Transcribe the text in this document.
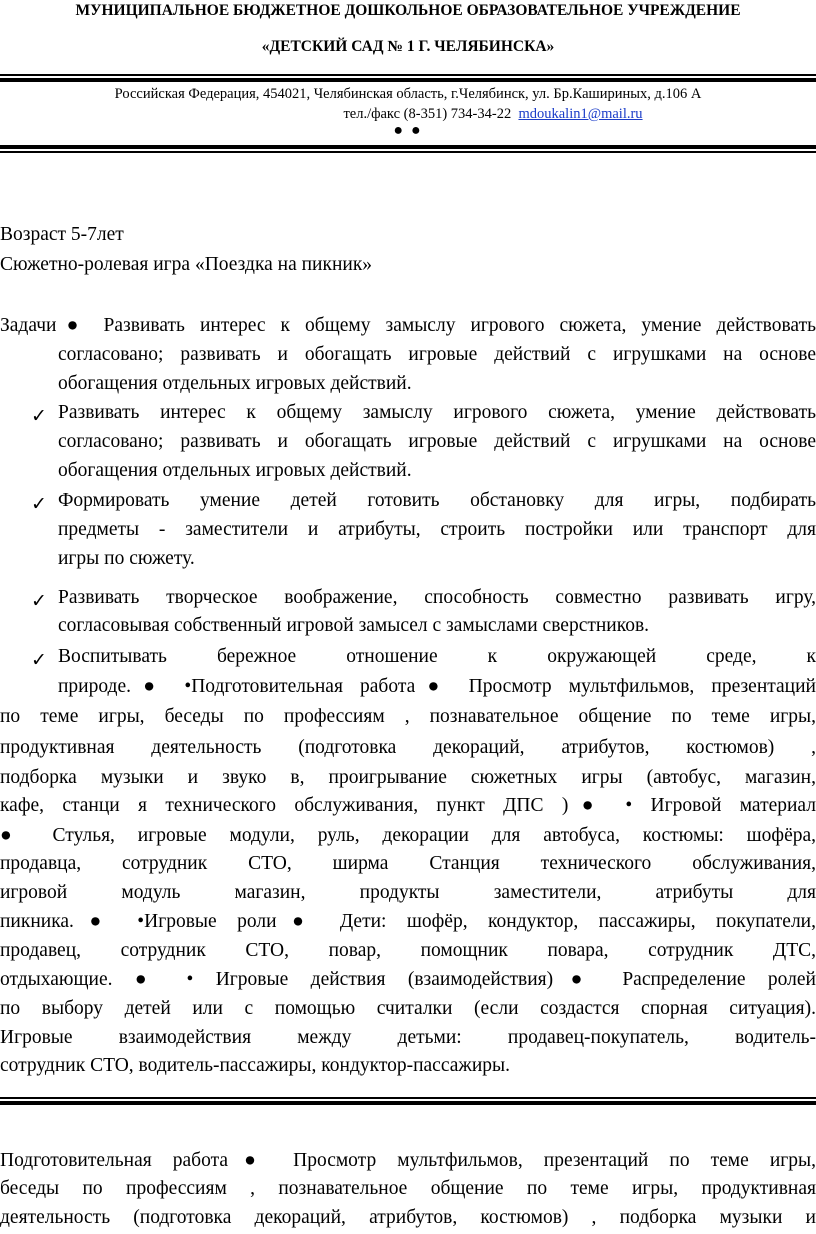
МУНИЦИПАЛЬНОЕ БЮДЖЕТНОЕ ДОШКОЛЬНОЕ ОБРАЗОВАТЕЛЬНОЕ УЧРЕЖДЕНИЕ
«ДЕТСКИЙ САД № 1 Г. ЧЕЛЯБИНСКА»
Российская Федерация, 454021, Челябинская область, г.Челябинск, ул. Бр.Кашириных, д.106 А
тел./факс (8-351) 734-34-22 mdoukalin1@mail.ru
● ●
Возраст 5-7лет
Сюжетно-ролевая игра «Поездка на пикник»
Задачи● Развивать интерес к общему замыслу игрового сюжета, умение действовать
согласовано; развивать и обогащать игровые действий с игрушками на основе
обогащения отдельных игровых действий.
✓ Развивать интерес к общему замыслу игрового сюжета, умение действовать
согласовано; развивать и обогащать игровые действий с игрушками на основе
обогащения отдельных игровых действий.
✓ Формировать умение детей готовить обстановку для игры, подбирать
предметы - заместители и атрибуты, строить постройки или транспорт для
игры по сюжету.
✓ Развивать творческое воображение, способность совместно развивать игру,
согласовывая собственный игровой замысел с замыслами сверстников.
✓ Воспитывать бережное отношение к окружающей среде, к
природе.● •Подготовительная работа● Просмотр мультфильмов, презентаций
по теме игры, беседы по профессиям , познавательное общение по теме игры,
продуктивная деятельность (подготовка декораций, атрибутов, костюмов) ,
подборка музыки и звуко в, проигрывание сюжетных игры (автобус, магазин,
кафе, станци я технического обслуживания, пункт ДПС )● • Игровой материал
● Стулья, игровые модули, руль, декорации для автобуса, костюмы: шофёра,
продавца, сотрудник СТО, ширма Станция технического обслуживания,
игровой модуль магазин, продукты заместители, атрибуты для
пикника.● •Игровые роли● Дети: шофёр, кондуктор, пассажиры, покупатели,
продавец, сотрудник СТО, повар, помощник повара, сотрудник ДТС,
отдыхающие. ● • Игровые действия (взаимодействия)● Распределение ролей
по выбору детей или с помощью считалки (если создастся спорная ситуация).
Игровые взаимодействия между детьми: продавец-покупатель, водитель-
сотрудник СТО, водитель-пассажиры, кондуктор-пассажиры.
Подготовительная работа● Просмотр мультфильмов, презентаций по теме игры,
беседы по профессиям , познавательное общение по теме игры, продуктивная
деятельность (подготовка декораций, атрибутов, костюмов) , подборка музыки и
